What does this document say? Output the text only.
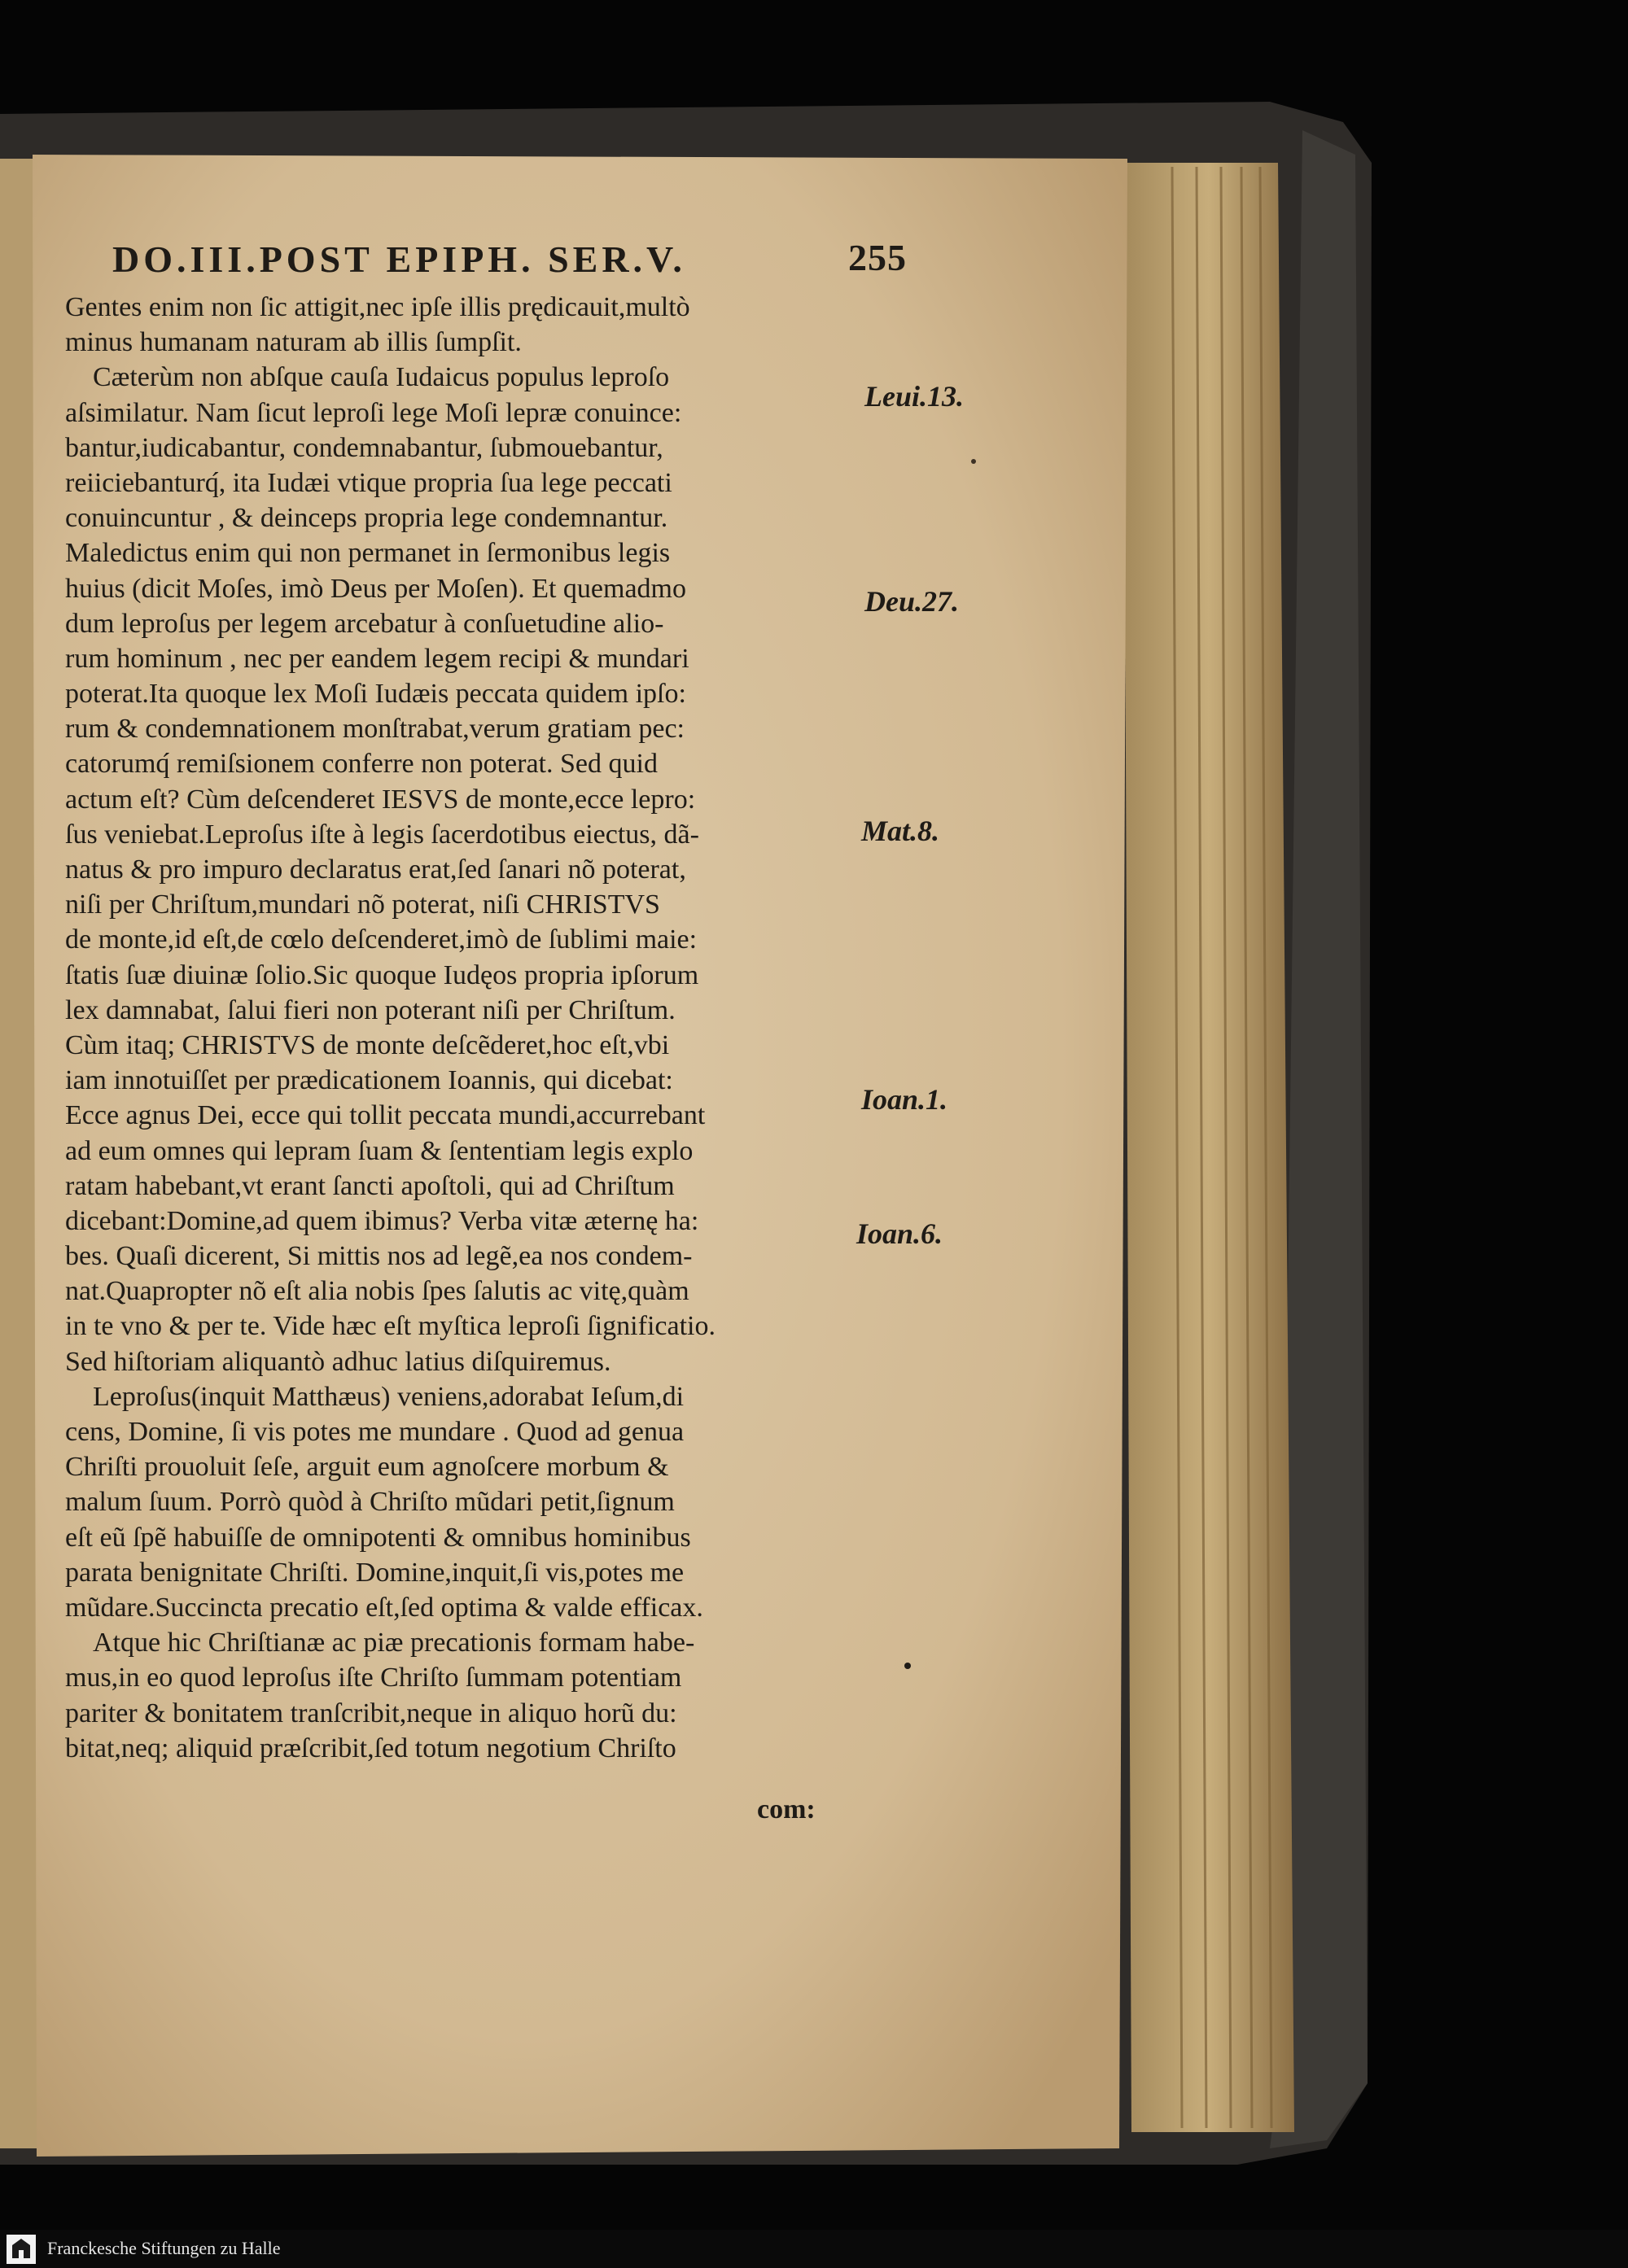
DO.III.POST EPIPH. SER.V.	255
Gentes enim non ſic attigit,nec ipſe illis prędicauit,multò
minus humanam naturam ab illis ſumpſit.
Cæterùm non abſque cauſa Iudaicus populus leproſo
aſsimilatur. Nam ſicut leproſi lege Moſi lepræ conuince:
bantur,iudicabantur, condemnabantur, ſubmouebantur,
reiiciebanturq́, ita Iudæi vtique propria ſua lege peccati
conuincuntur , & deinceps propria lege condemnantur.
Maledictus enim qui non permanet in ſermonibus legis
huius (dicit Moſes, imò Deus per Moſen). Et quemadmo
dum leproſus per legem arcebatur à conſuetudine alio-
rum hominum , nec per eandem legem recipi & mundari
poterat.Ita quoque lex Moſi Iudæis peccata quidem ipſo:
rum & condemnationem monſtrabat,verum gratiam pec:
catorumq́ remiſsionem conferre non poterat. Sed quid
actum eſt? Cùm deſcenderet IESVS de monte,ecce lepro:
ſus veniebat.Leproſus iſte à legis ſacerdotibus eiectus, dã-
natus & pro impuro declaratus erat,ſed ſanari nõ poterat,
niſi per Chriſtum,mundari nõ poterat, niſi CHRISTVS
de monte,id eſt,de cœlo deſcenderet,imò de ſublimi maie:
ſtatis ſuæ diuinæ ſolio.Sic quoque Iudęos propria ipſorum
lex damnabat, ſalui fieri non poterant niſi per Chriſtum.
Cùm itaq; CHRISTVS de monte deſcẽderet,hoc eſt,vbi
iam innotuiſſet per prædicationem Ioannis, qui dicebat:
Ecce agnus Dei, ecce qui tollit peccata mundi,accurrebant
ad eum omnes qui lepram ſuam & ſententiam legis explo
ratam habebant,vt erant ſancti apoſtoli, qui ad Chriſtum
dicebant:Domine,ad quem ibimus? Verba vitæ æternę ha:
bes. Quaſi dicerent, Si mittis nos ad legẽ,ea nos condem-
nat.Quapropter nõ eſt alia nobis ſpes ſalutis ac vitę,quàm
in te vno & per te. Vide hæc eſt myſtica leproſi ſignificatio.
Sed hiſtoriam aliquantò adhuc latius diſquiremus.
Leproſus(inquit Matthæus) veniens,adorabat Ieſum,di
cens, Domine, ſi vis potes me mundare . Quod ad genua
Chriſti prouoluit ſeſe, arguit eum agnoſcere morbum &
malum ſuum. Porrò quòd à Chriſto mũdari petit,ſignum
eſt eũ ſpẽ habuiſſe de omnipotenti & omnibus hominibus
parata benignitate Chriſti. Domine,inquit,ſi vis,potes me
mũdare.Succincta precatio eſt,ſed optima & valde efficax.
Atque hic Chriſtianæ ac piæ precationis formam habe-
mus,in eo quod leproſus iſte Chriſto ſummam potentiam
pariter & bonitatem tranſcribit,neque in aliquo horũ du:
bitat,neq; aliquid præſcribit,ſed totum negotium Chriſto
com:
Leui.13.
Deu.27.
Mat.8.
Ioan.1.
Ioan.6.
Franckesche Stiftungen zu Halle
